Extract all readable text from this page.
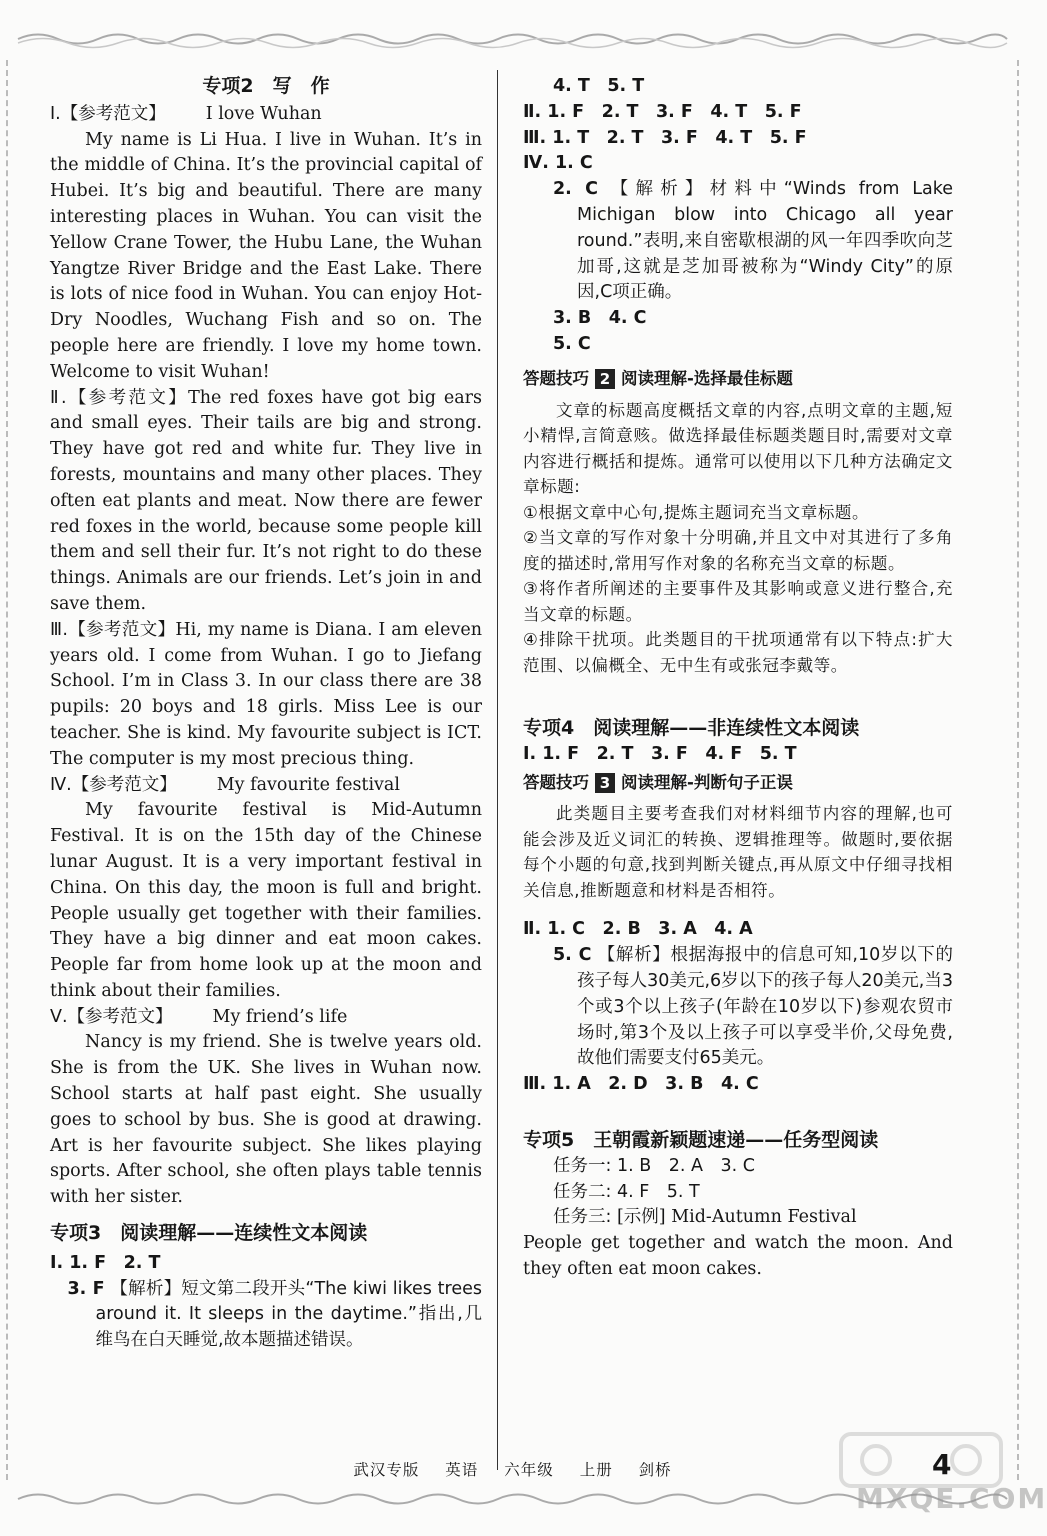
专项2　写　作
Ⅰ.【参考范文】 I love Wuhan

My name is Li Hua. I live in Wuhan. It’s in the middle of China. It’s the provincial capital of Hubei. It’s big and beautiful. There are many interesting places in Wuhan. You can visit the Yellow Crane Tower, the Hubu Lane, the Wuhan Yangtze River Bridge and the East Lake. There is lots of nice food in Wuhan. You can enjoy Hot-Dry Noodles, Wuchang Fish and so on. The people here are friendly. I love my home town. Welcome to visit Wuhan!

Ⅱ.【参考范文】The red foxes have got big ears and small eyes. Their tails are big and strong. They have got red and white fur. They live in forests, mountains and many other places. They often eat plants and meat. Now there are fewer red foxes in the world, because some people kill them and sell their fur. It’s not right to do these things. Animals are our friends. Let’s join in and save them.

Ⅲ.【参考范文】Hi, my name is Diana. I am eleven years old. I come from Wuhan. I go to Jiefang School. I’m in Class 3. In our class there are 38 pupils: 20 boys and 18 girls. Miss Lee is our teacher. She is kind. My favourite subject is ICT. The computer is my most precious thing.

Ⅳ.【参考范文】 My favourite festival

My favourite festival is Mid-Autumn Festival. It is on the 15th day of the Chinese lunar August. It is a very important festival in China. On this day, the moon is full and bright. People usually get together with their families. They have a big dinner and eat moon cakes. People far from home look up at the moon and think about their families.

Ⅴ.【参考范文】 My friend’s life

Nancy is my friend. She is twelve years old. She is from the UK. She lives in Wuhan now. School starts at half past eight. She usually goes to school by bus. She is good at drawing. Art is her favourite subject. She likes playing sports. After school, she often plays table tennis with her sister.

专项3　阅读理解——连续性文本阅读
Ⅰ. 1. F　2. T

3. F 【解析】短文第二段开头“The kiwi likes trees around it. It sleeps in the daytime.”指出,几维鸟在白天睡觉,故本题描述错误。

4. T　5. T
Ⅱ. 1. F　2. T　3. F　4. T　5. F
Ⅲ. 1. T　2. T　3. F　4. T　5. F
Ⅳ. 1. C

2. C 【解析】材料中“Winds from Lake Michigan blow into Chicago all year round.”表明,来自密歇根湖的风一年四季吹向芝加哥,这就是芝加哥被称为“Windy City”的原因,C项正确。

3. B　4. C
5. C
答题技巧 2 阅读理解-选择最佳标题
文章的标题高度概括文章的内容,点明文章的主题,短小精悍,言简意赅。做选择最佳标题类题目时,需要对文章内容进行概括和提炼。通常可以使用以下几种方法确定文章标题:
①根据文章中心句,提炼主题词充当文章标题。
②当文章的写作对象十分明确,并且文中对其进行了多角度的描述时,常用写作对象的名称充当文章的标题。
③将作者所阐述的主要事件及其影响或意义进行整合,充当文章的标题。
④排除干扰项。此类题目的干扰项通常有以下特点:扩大范围、以偏概全、无中生有或张冠李戴等。
专项4　阅读理解——非连续性文本阅读
Ⅰ. 1. F　2. T　3. F　4. F　5. T
答题技巧 3 阅读理解-判断句子正误
此类题目主要考查我们对材料细节内容的理解,也可能会涉及近义词汇的转换、逻辑推理等。做题时,要依据每个小题的句意,找到判断关键点,再从原文中仔细寻找相关信息,推断题意和材料是否相符。
Ⅱ. 1. C　2. B　3. A　4. A

5. C 【解析】根据海报中的信息可知,10岁以下的孩子每人30美元,6岁以下的孩子每人20美元,当3个或3个以上孩子(年龄在10岁以下)参观农贸市场时,第3个及以上孩子可以享受半价,父母免费,故他们需要支付65美元。

Ⅲ. 1. A　2. D　3. B　4. C
专项5　王朝霞新颖题速递——任务型阅读
任务一: 1. B　2. A　3. C
任务二: 4. F　5. T
任务三: [示例] Mid-Autumn Festival
People get together and watch the moon. And they often eat moon cakes.
MXQE.COM
武汉专版 英语 六年级 上册 剑桥	4
